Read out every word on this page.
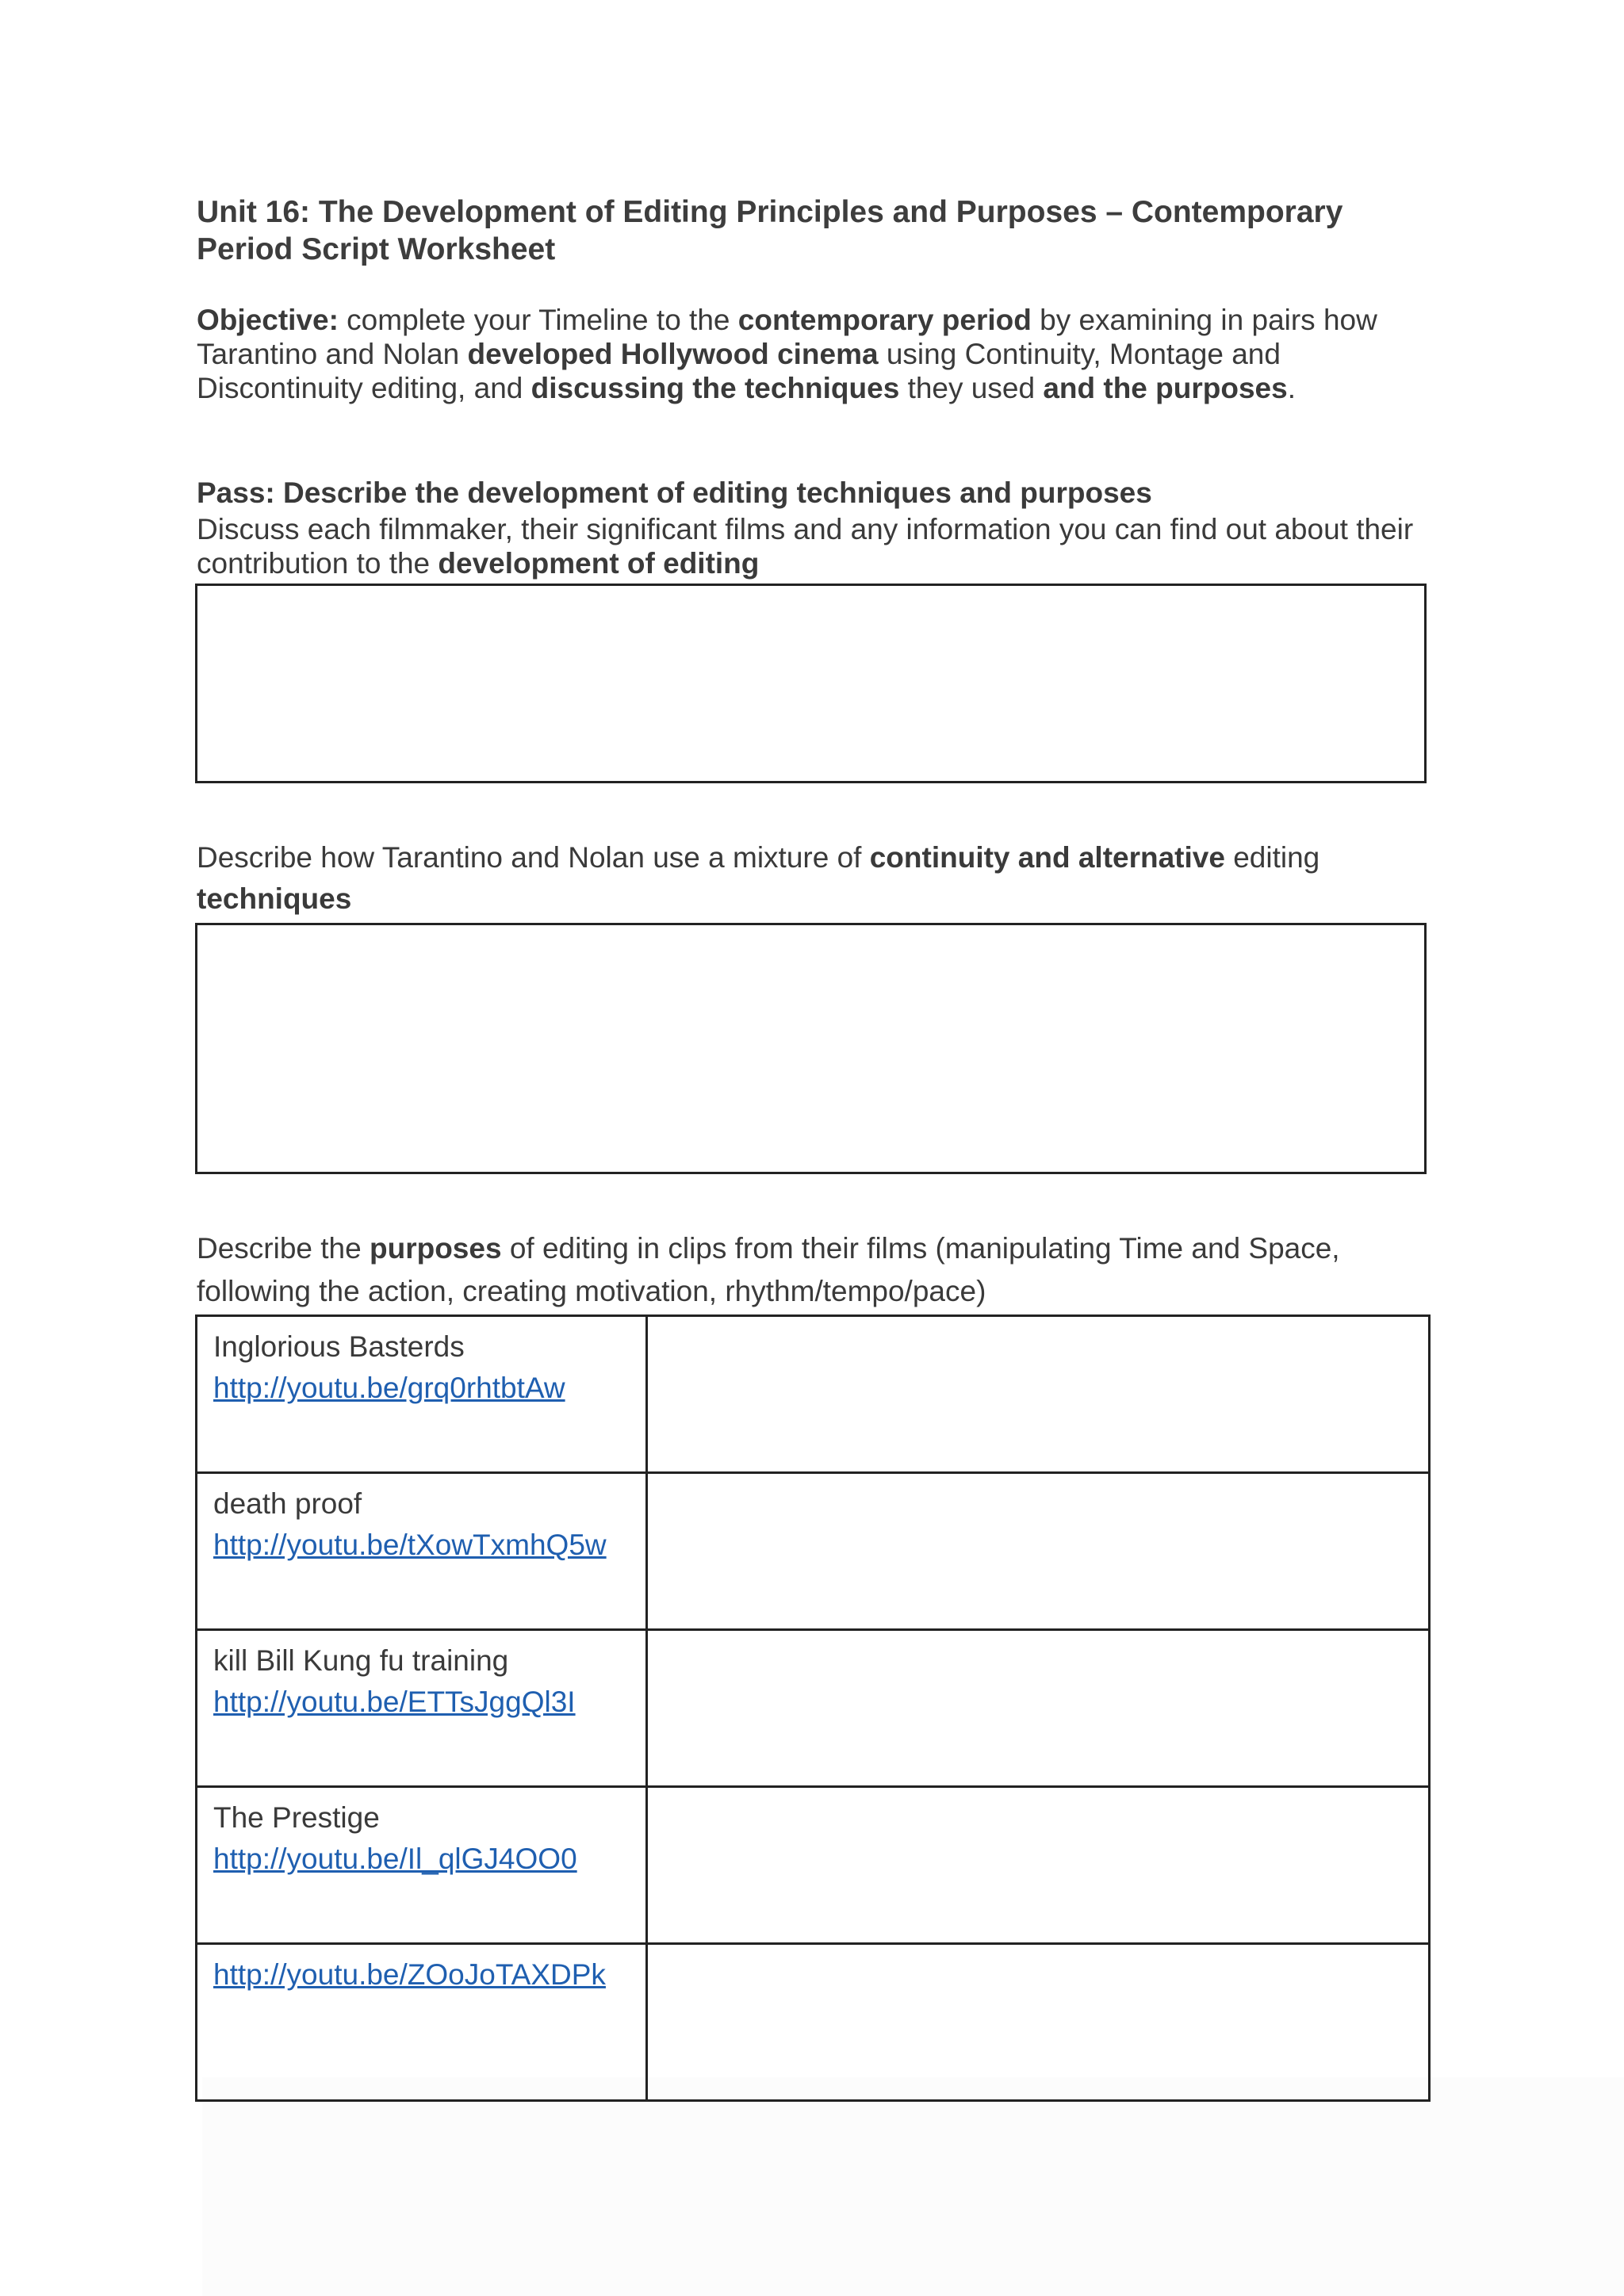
Unit 16: The Development of Editing Principles and Purposes – Contemporary Period Script Worksheet

Objective: complete your Timeline to the contemporary period by examining in pairs how Tarantino and Nolan developed Hollywood cinema using Continuity, Montage and Discontinuity editing, and discussing the techniques they used and the purposes.

Pass: Describe the development of editing techniques and purposes

Discuss each filmmaker, their significant films and any information you can find out about their contribution to the development of editing

Describe how Tarantino and Nolan use a mixture of continuity and alternative editing
techniques

Describe the purposes of editing in clips from their films (manipulating Time and Space, following the action, creating motivation, rhythm/tempo/pace)

Inglorious Basterds
http://youtu.be/grq0rhtbtAw	

death proof
http://youtu.be/tXowTxmhQ5w	

kill Bill Kung fu training
http://youtu.be/ETTsJggQl3I	

The Prestige
http://youtu.be/Il_qlGJ4OO0	

http://youtu.be/ZOoJoTAXDPk	
